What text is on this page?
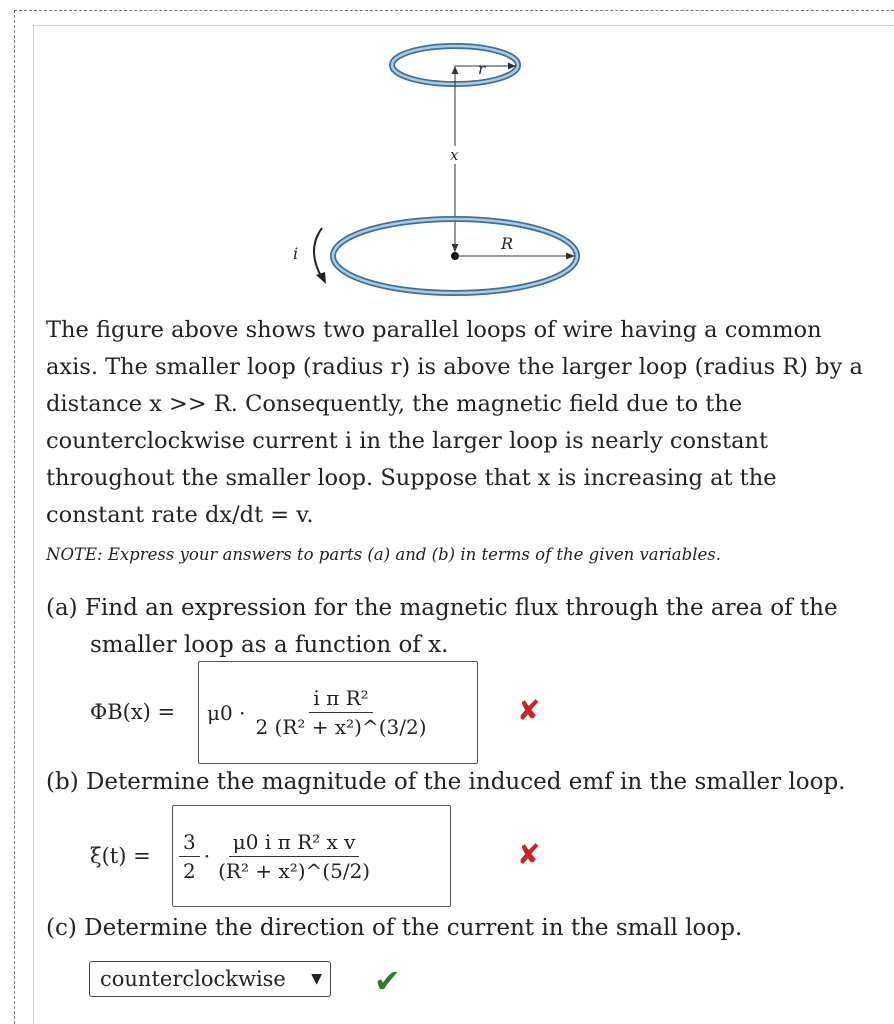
r
x
R
i
The figure above shows two parallel loops of wire having a common axis. The smaller loop (radius r) is above the larger loop (radius R) by a distance x >> R. Consequently, the magnetic field due to the counterclockwise current i in the larger loop is nearly constant throughout the smaller loop. Suppose that x is increasing at the constant rate dx/dt = v.
NOTE: Express your answers to parts (a) and (b) in terms of the given variables.
(a) Find an expression for the magnetic flux through the area of the
smaller loop as a function of x.
$\Phi B(x) = \mu 0 \cdot \frac{\text{i π R²}}{\text{2 (R² + x²)\textasciicircum{}(3/2)}}$	✘
(b) Determine the magnitude of the induced emf in the smaller loop.
$\xi(t) = \frac{3}{2} \cdot \frac{\text{μ0 i π R² x v}}{\text{(R² + x²)\textasciicircum{}(5/2)}}$	✘
(c) Determine the direction of the current in the small loop.
counterclockwise ▼ ✔
